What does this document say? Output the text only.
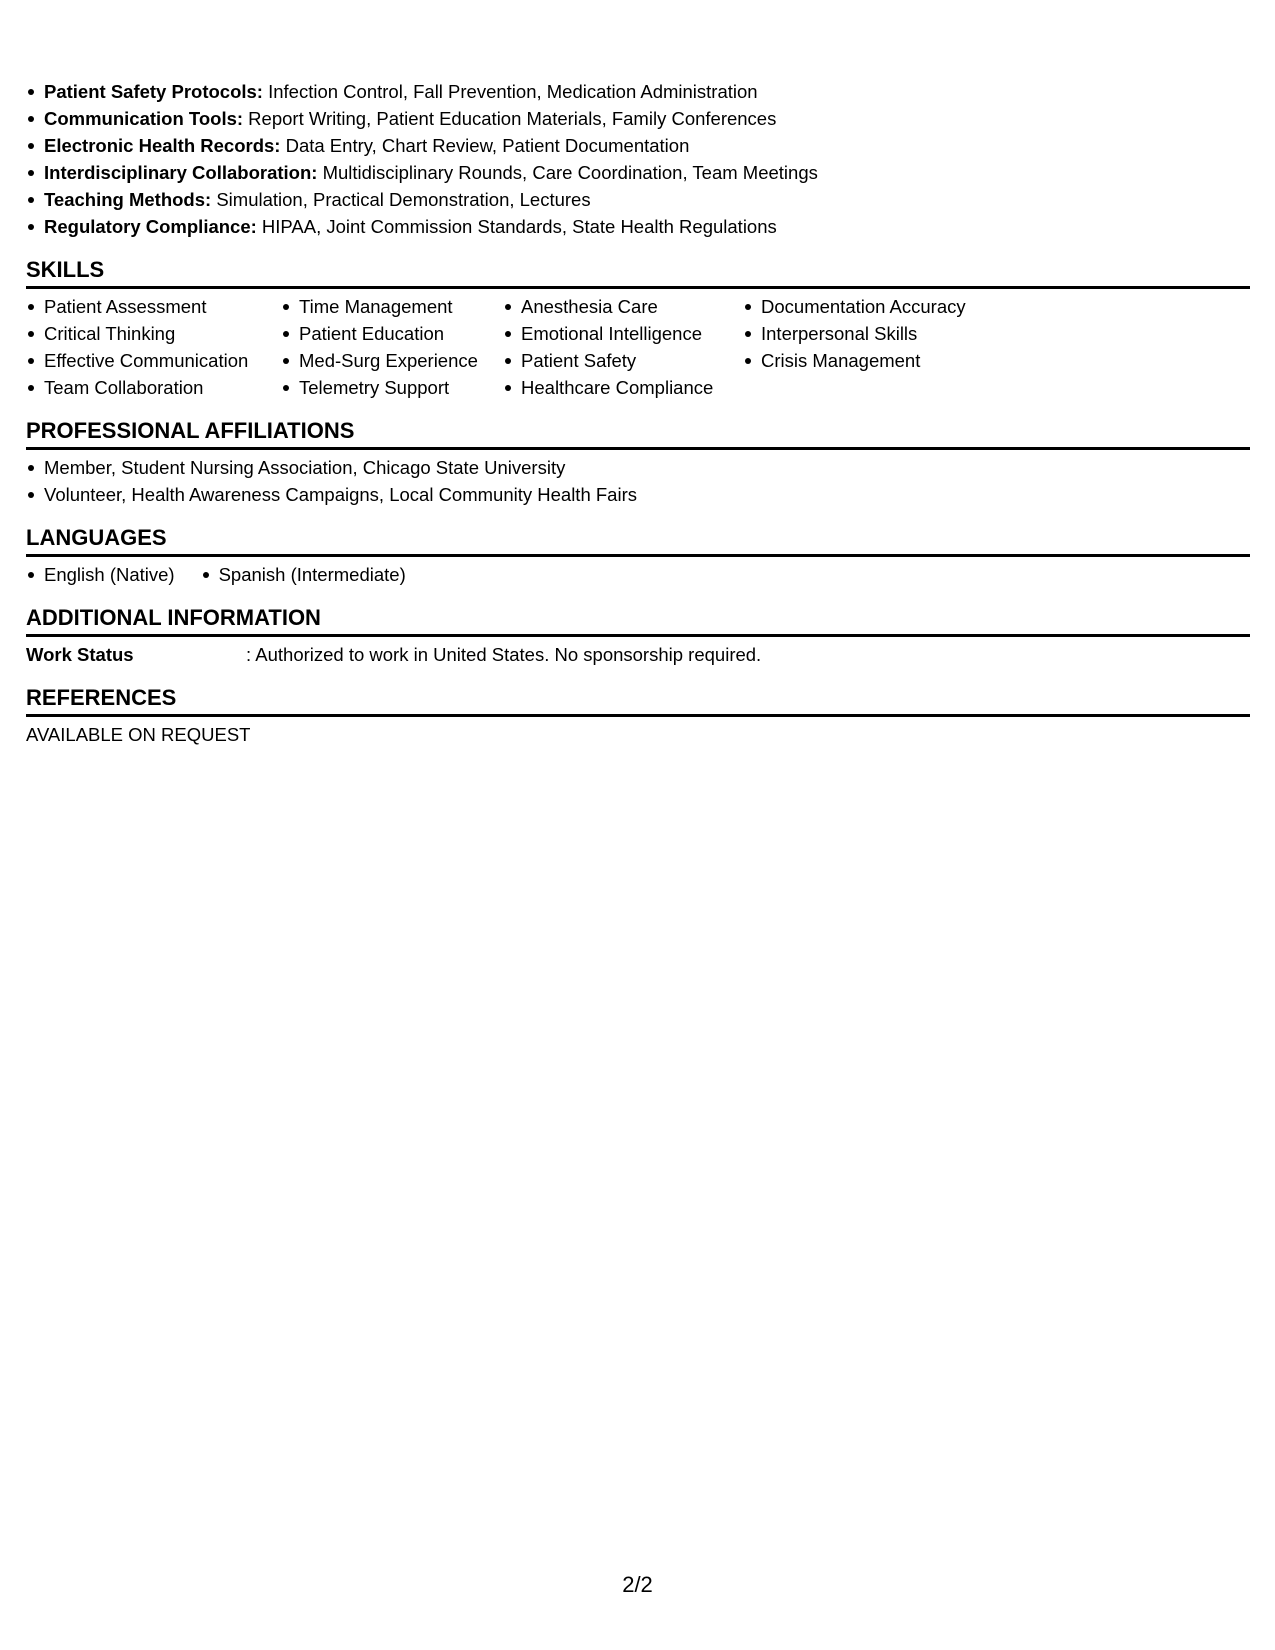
Patient Safety Protocols: Infection Control, Fall Prevention, Medication Administration
Communication Tools: Report Writing, Patient Education Materials, Family Conferences
Electronic Health Records: Data Entry, Chart Review, Patient Documentation
Interdisciplinary Collaboration: Multidisciplinary Rounds, Care Coordination, Team Meetings
Teaching Methods: Simulation, Practical Demonstration, Lectures
Regulatory Compliance: HIPAA, Joint Commission Standards, State Health Regulations
SKILLS
Patient Assessment
Critical Thinking
Effective Communication
Team Collaboration
Time Management
Patient Education
Med-Surg Experience
Telemetry Support
Anesthesia Care
Emotional Intelligence
Patient Safety
Healthcare Compliance
Documentation Accuracy
Interpersonal Skills
Crisis Management
PROFESSIONAL AFFILIATIONS
Member, Student Nursing Association, Chicago State University
Volunteer, Health Awareness Campaigns, Local Community Health Fairs
LANGUAGES
English (Native)	Spanish (Intermediate)
ADDITIONAL INFORMATION
Work Status	: Authorized to work in United States. No sponsorship required.
REFERENCES
AVAILABLE ON REQUEST
2/2
